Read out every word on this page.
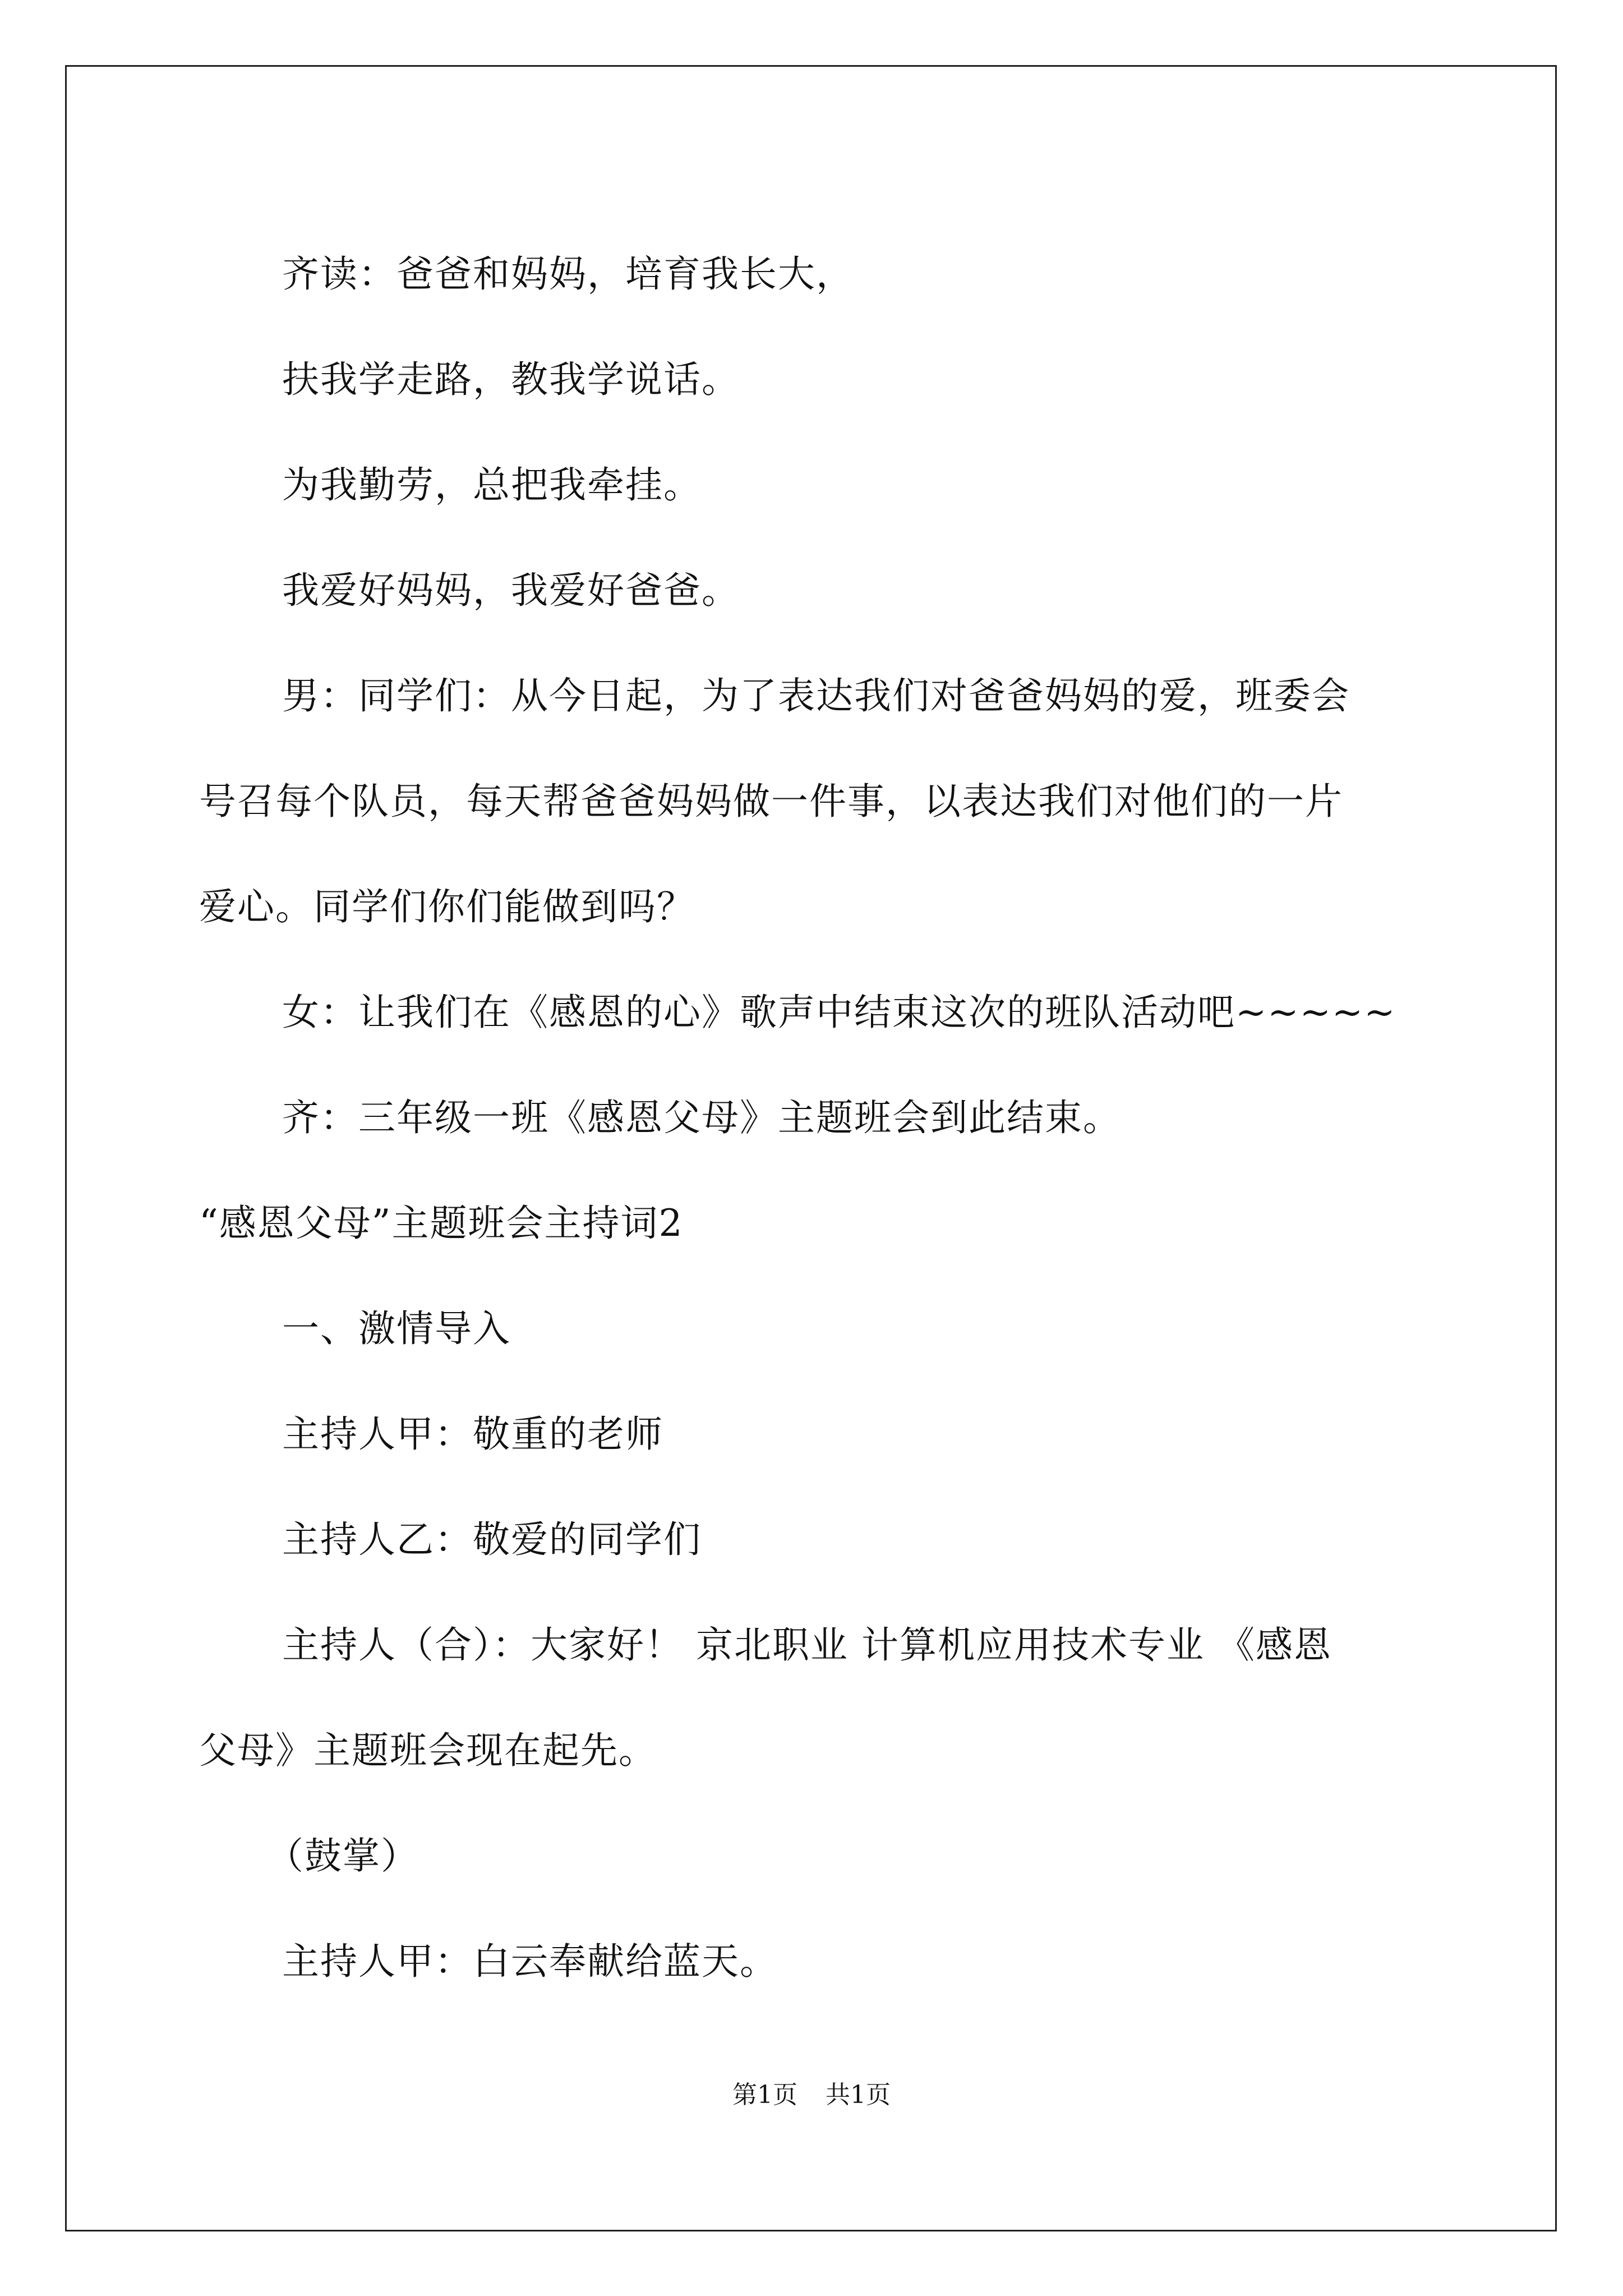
齐读：爸爸和妈妈，培育我长大，

扶我学走路，教我学说话。

为我勤劳，总把我牵挂。

我爱好妈妈，我爱好爸爸。

男：同学们：从今日起，为了表达我们对爸爸妈妈的爱，班委会

号召每个队员，每天帮爸爸妈妈做一件事，以表达我们对他们的一片

爱心。同学们你们能做到吗？

女：让我们在《感恩的心》歌声中结束这次的班队活动吧~~~~~

齐：三年级一班《感恩父母》主题班会到此结束。

“感恩父母”主题班会主持词2

一、激情导入

主持人甲：敬重的老师

主持人乙：敬爱的同学们

主持人（合）：大家好！ 京北职业 计算机应用技术专业 《感恩

父母》主题班会现在起先。

（鼓掌）

主持人甲：白云奉献给蓝天。

第1页 共1页
